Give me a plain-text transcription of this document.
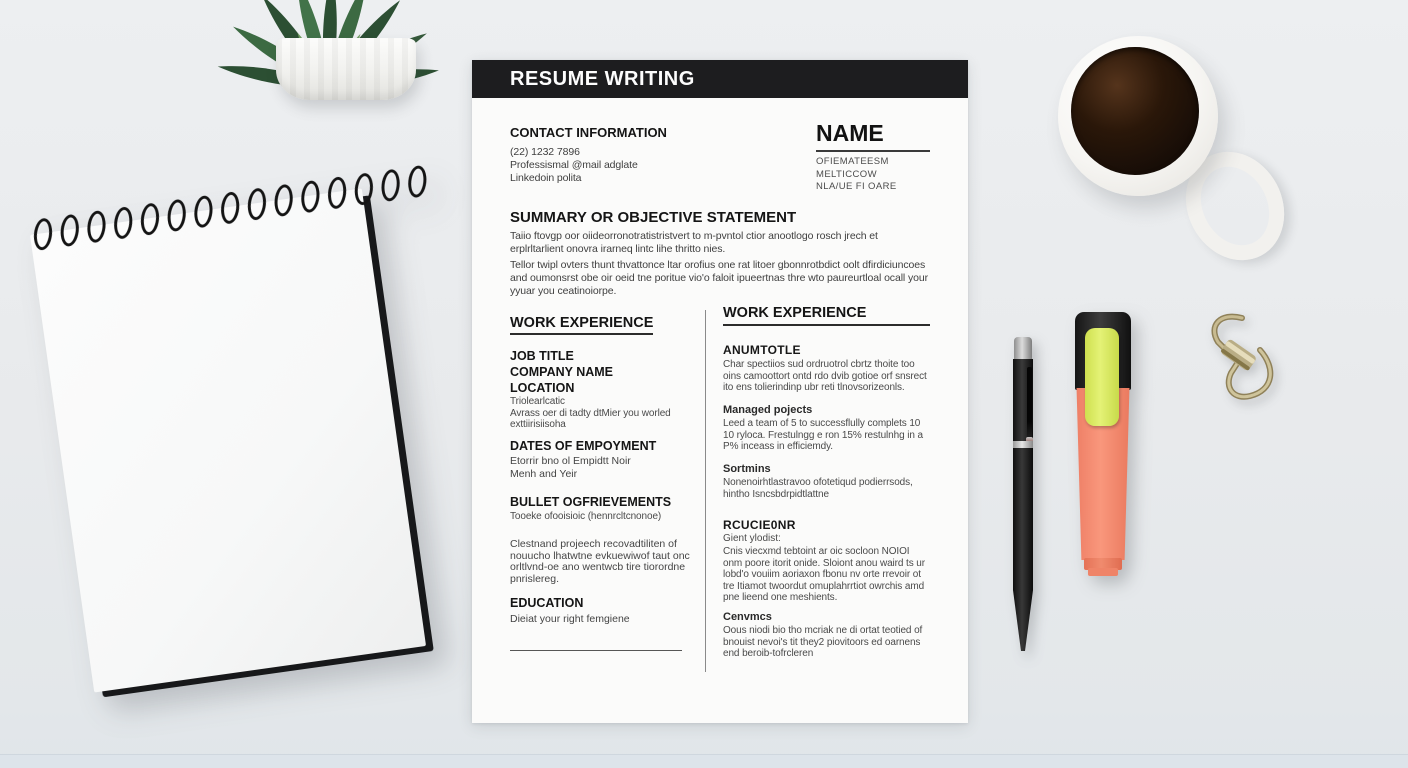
RESUME WRITING
CONTACT INFORMATION
(22) 1232 7896
Professismal @mail adglate
Linkedoin polita
NAME
OFIEMATEESM
MELTICCOW
NLA/UE FI OARE
SUMMARY OR OBJECTIVE STATEMENT
Taiio ftovgp oor oiideorronotratistristvert to m-pvntol ctior anootlogo rosch jrech et erplrltarlient onovra irarneq lintc lihe thritto nies.
Tellor twipl ovters thunt thvattonce ltar orofius one rat litoer gbonnrotbdict oolt dfirdiciuncoes and oumonsrst obe oir oeid tne poritue vio'o faloit ipueertnas thre wto paureurtloal ocall your yyuar you ceatinoiorpe.
WORK EXPERIENCE
JOB TITLE
COMPANY NAME
LOCATION
Triolearlcatic
Avrass oer di tadty dtMier you worled exttiirisiisoha
DATES OF EMPOYMENT
Etorrir bno ol Empidtt Noir
Menh and Yeir
BULLET OGFRIEVEMENTS
Tooeke ofooisioic (hennrcltcnonoe)
Clestnand projeech recovadtiliten of nouucho lhatwtne evkuewiwof taut onc orltlvnd-oe ano wentwcb tire tiorordne pnrislereg.
EDUCATION
Dieiat your right femgiene
WORK EXPERIENCE
ANUMTOTLE
Char spectiios sud ordruotrol cbrtz thoite too oins camoottort ontd rdo dvib gotioe orf snsrect ito ens tolierindinp ubr reti tlnovsorizeonls.
Managed pojects
Leed a team of 5 to successflully complets 10 10 ryloca. Frestulngg e ron 15% restulnhg in a P% inceass in efficiemdy.
Sortmins
Nonenoirhtlastravoo ofotetiqud podierrsods, hintho Isncsbdrpidtlattne
RCUCIE0NR
Gient ylodist:
Cnis viecxmd tebtoint ar oic socloon NOIOI onm poore itorit onide. Sloiont anou waird ts ur lobd'o vouiim aoriaxon fbonu nv orte rrevoir ot tre Itiamot twoordut omuplahrrtiot owrchis amd pne lieend one meshients.
Cenvmcs
Oous niodi bio tho mcriak ne di ortat teotied of bnouist nevoi's tit they2 piovitoors ed oarnens end beroib-tofrcleren
